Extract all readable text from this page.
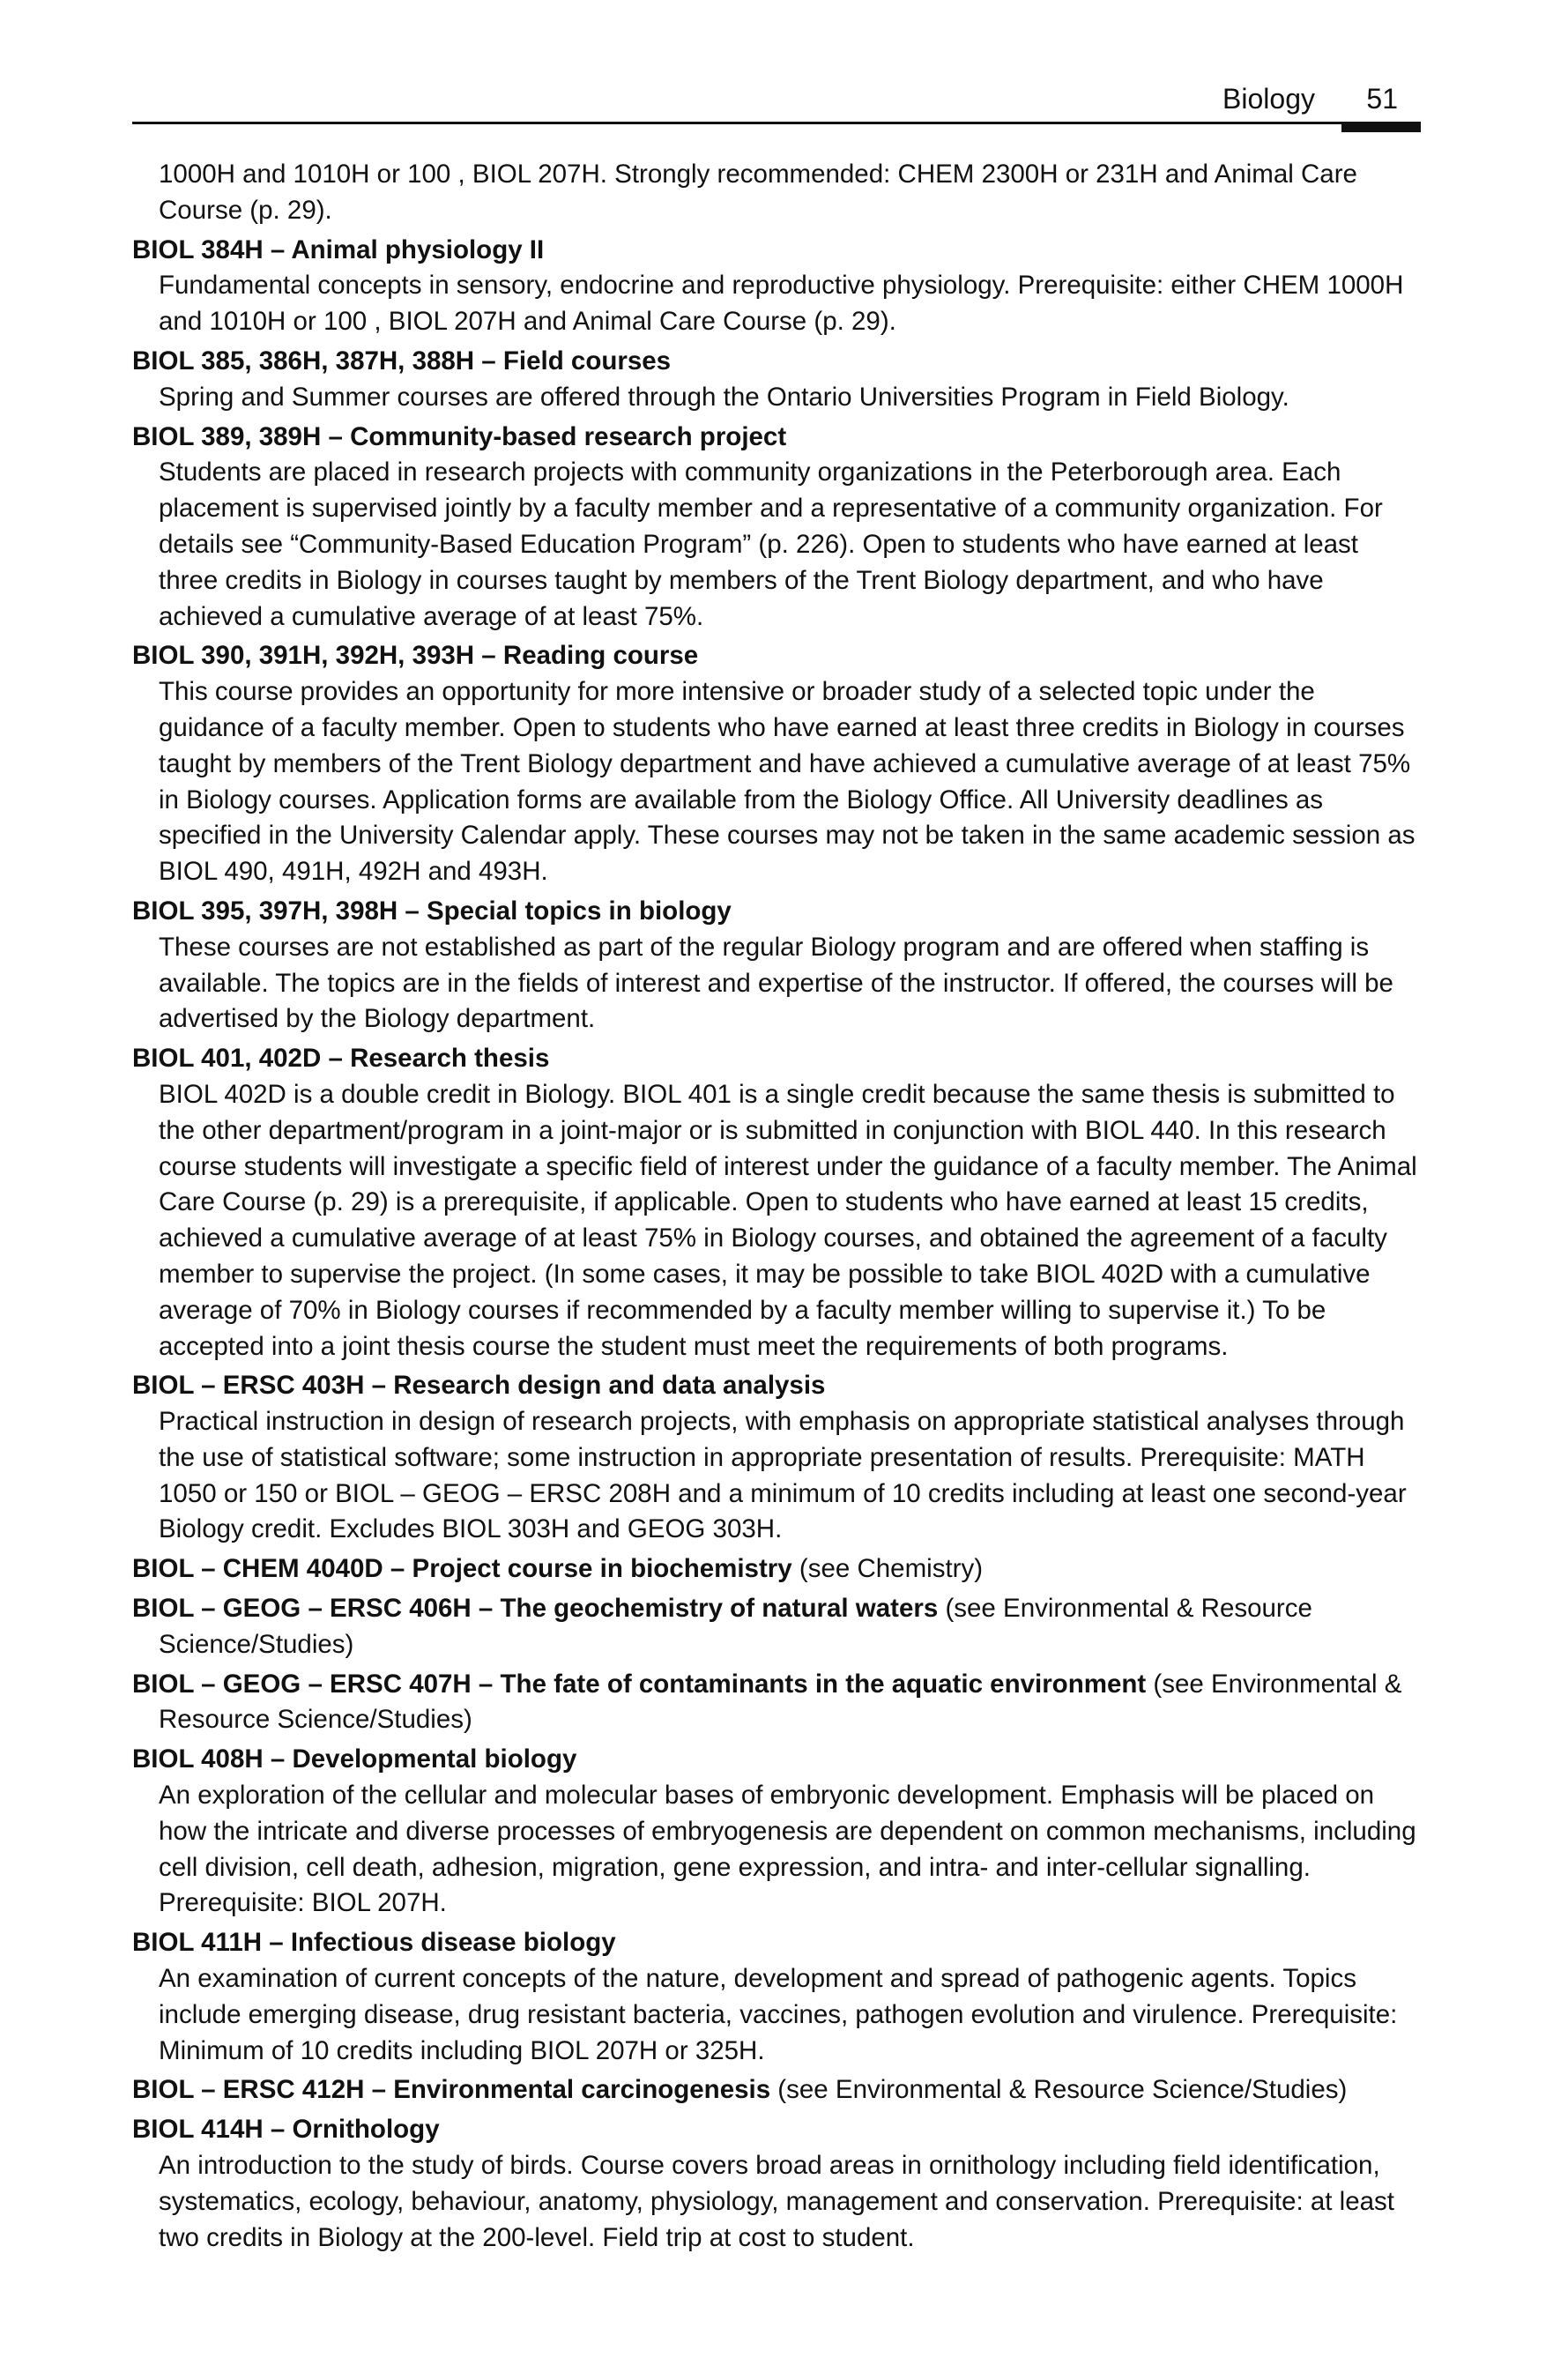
Biology 51
1000H and 1010H or 100 , BIOL 207H. Strongly recommended: CHEM 2300H or 231H and Animal Care Course (p. 29).
BIOL 384H – Animal physiology II
Fundamental concepts in sensory, endocrine and reproductive physiology. Prerequisite: either CHEM 1000H and 1010H or 100 , BIOL 207H and Animal Care Course (p. 29).
BIOL 385, 386H, 387H, 388H – Field courses
Spring and Summer courses are offered through the Ontario Universities Program in Field Biology.
BIOL 389, 389H – Community-based research project
Students are placed in research projects with community organizations in the Peterborough area. Each placement is supervised jointly by a faculty member and a representative of a community organization. For details see “Community-Based Education Program” (p. 226). Open to students who have earned at least three credits in Biology in courses taught by members of the Trent Biology department, and who have achieved a cumulative average of at least 75%.
BIOL 390, 391H, 392H, 393H – Reading course
This course provides an opportunity for more intensive or broader study of a selected topic under the guidance of a faculty member. Open to students who have earned at least three credits in Biology in courses taught by members of the Trent Biology department and have achieved a cumulative average of at least 75% in Biology courses. Application forms are available from the Biology Office. All University deadlines as specified in the University Calendar apply. These courses may not be taken in the same academic session as BIOL 490, 491H, 492H and 493H.
BIOL 395, 397H, 398H – Special topics in biology
These courses are not established as part of the regular Biology program and are offered when staffing is available. The topics are in the fields of interest and expertise of the instructor. If offered, the courses will be advertised by the Biology department.
BIOL 401, 402D – Research thesis
BIOL 402D is a double credit in Biology. BIOL 401 is a single credit because the same thesis is submitted to the other department/program in a joint-major or is submitted in conjunction with BIOL 440. In this research course students will investigate a specific field of interest under the guidance of a faculty member. The Animal Care Course (p. 29) is a prerequisite, if applicable. Open to students who have earned at least 15 credits, achieved a cumulative average of at least 75% in Biology courses, and obtained the agreement of a faculty member to supervise the project. (In some cases, it may be possible to take BIOL 402D with a cumulative average of 70% in Biology courses if recommended by a faculty member willing to supervise it.) To be accepted into a joint thesis course the student must meet the requirements of both programs.
BIOL – ERSC 403H – Research design and data analysis
Practical instruction in design of research projects, with emphasis on appropriate statistical analyses through the use of statistical software; some instruction in appropriate presentation of results. Prerequisite: MATH 1050 or 150 or BIOL – GEOG – ERSC 208H and a minimum of 10 credits including at least one second-year Biology credit. Excludes BIOL 303H and GEOG 303H.
BIOL – CHEM 4040D – Project course in biochemistry (see Chemistry)
BIOL – GEOG – ERSC 406H – The geochemistry of natural waters (see Environmental & Resource Science/Studies)
BIOL – GEOG – ERSC 407H – The fate of contaminants in the aquatic environment (see Environmental & Resource Science/Studies)
BIOL 408H – Developmental biology
An exploration of the cellular and molecular bases of embryonic development. Emphasis will be placed on how the intricate and diverse processes of embryogenesis are dependent on common mechanisms, including cell division, cell death, adhesion, migration, gene expression, and intra- and inter-cellular signalling. Prerequisite: BIOL 207H.
BIOL 411H – Infectious disease biology
An examination of current concepts of the nature, development and spread of pathogenic agents. Topics include emerging disease, drug resistant bacteria, vaccines, pathogen evolution and virulence. Prerequisite: Minimum of 10 credits including BIOL 207H or 325H.
BIOL – ERSC 412H – Environmental carcinogenesis (see Environmental & Resource Science/Studies)
BIOL 414H – Ornithology
An introduction to the study of birds. Course covers broad areas in ornithology including field identification, systematics, ecology, behaviour, anatomy, physiology, management and conservation. Prerequisite: at least two credits in Biology at the 200-level. Field trip at cost to student.
